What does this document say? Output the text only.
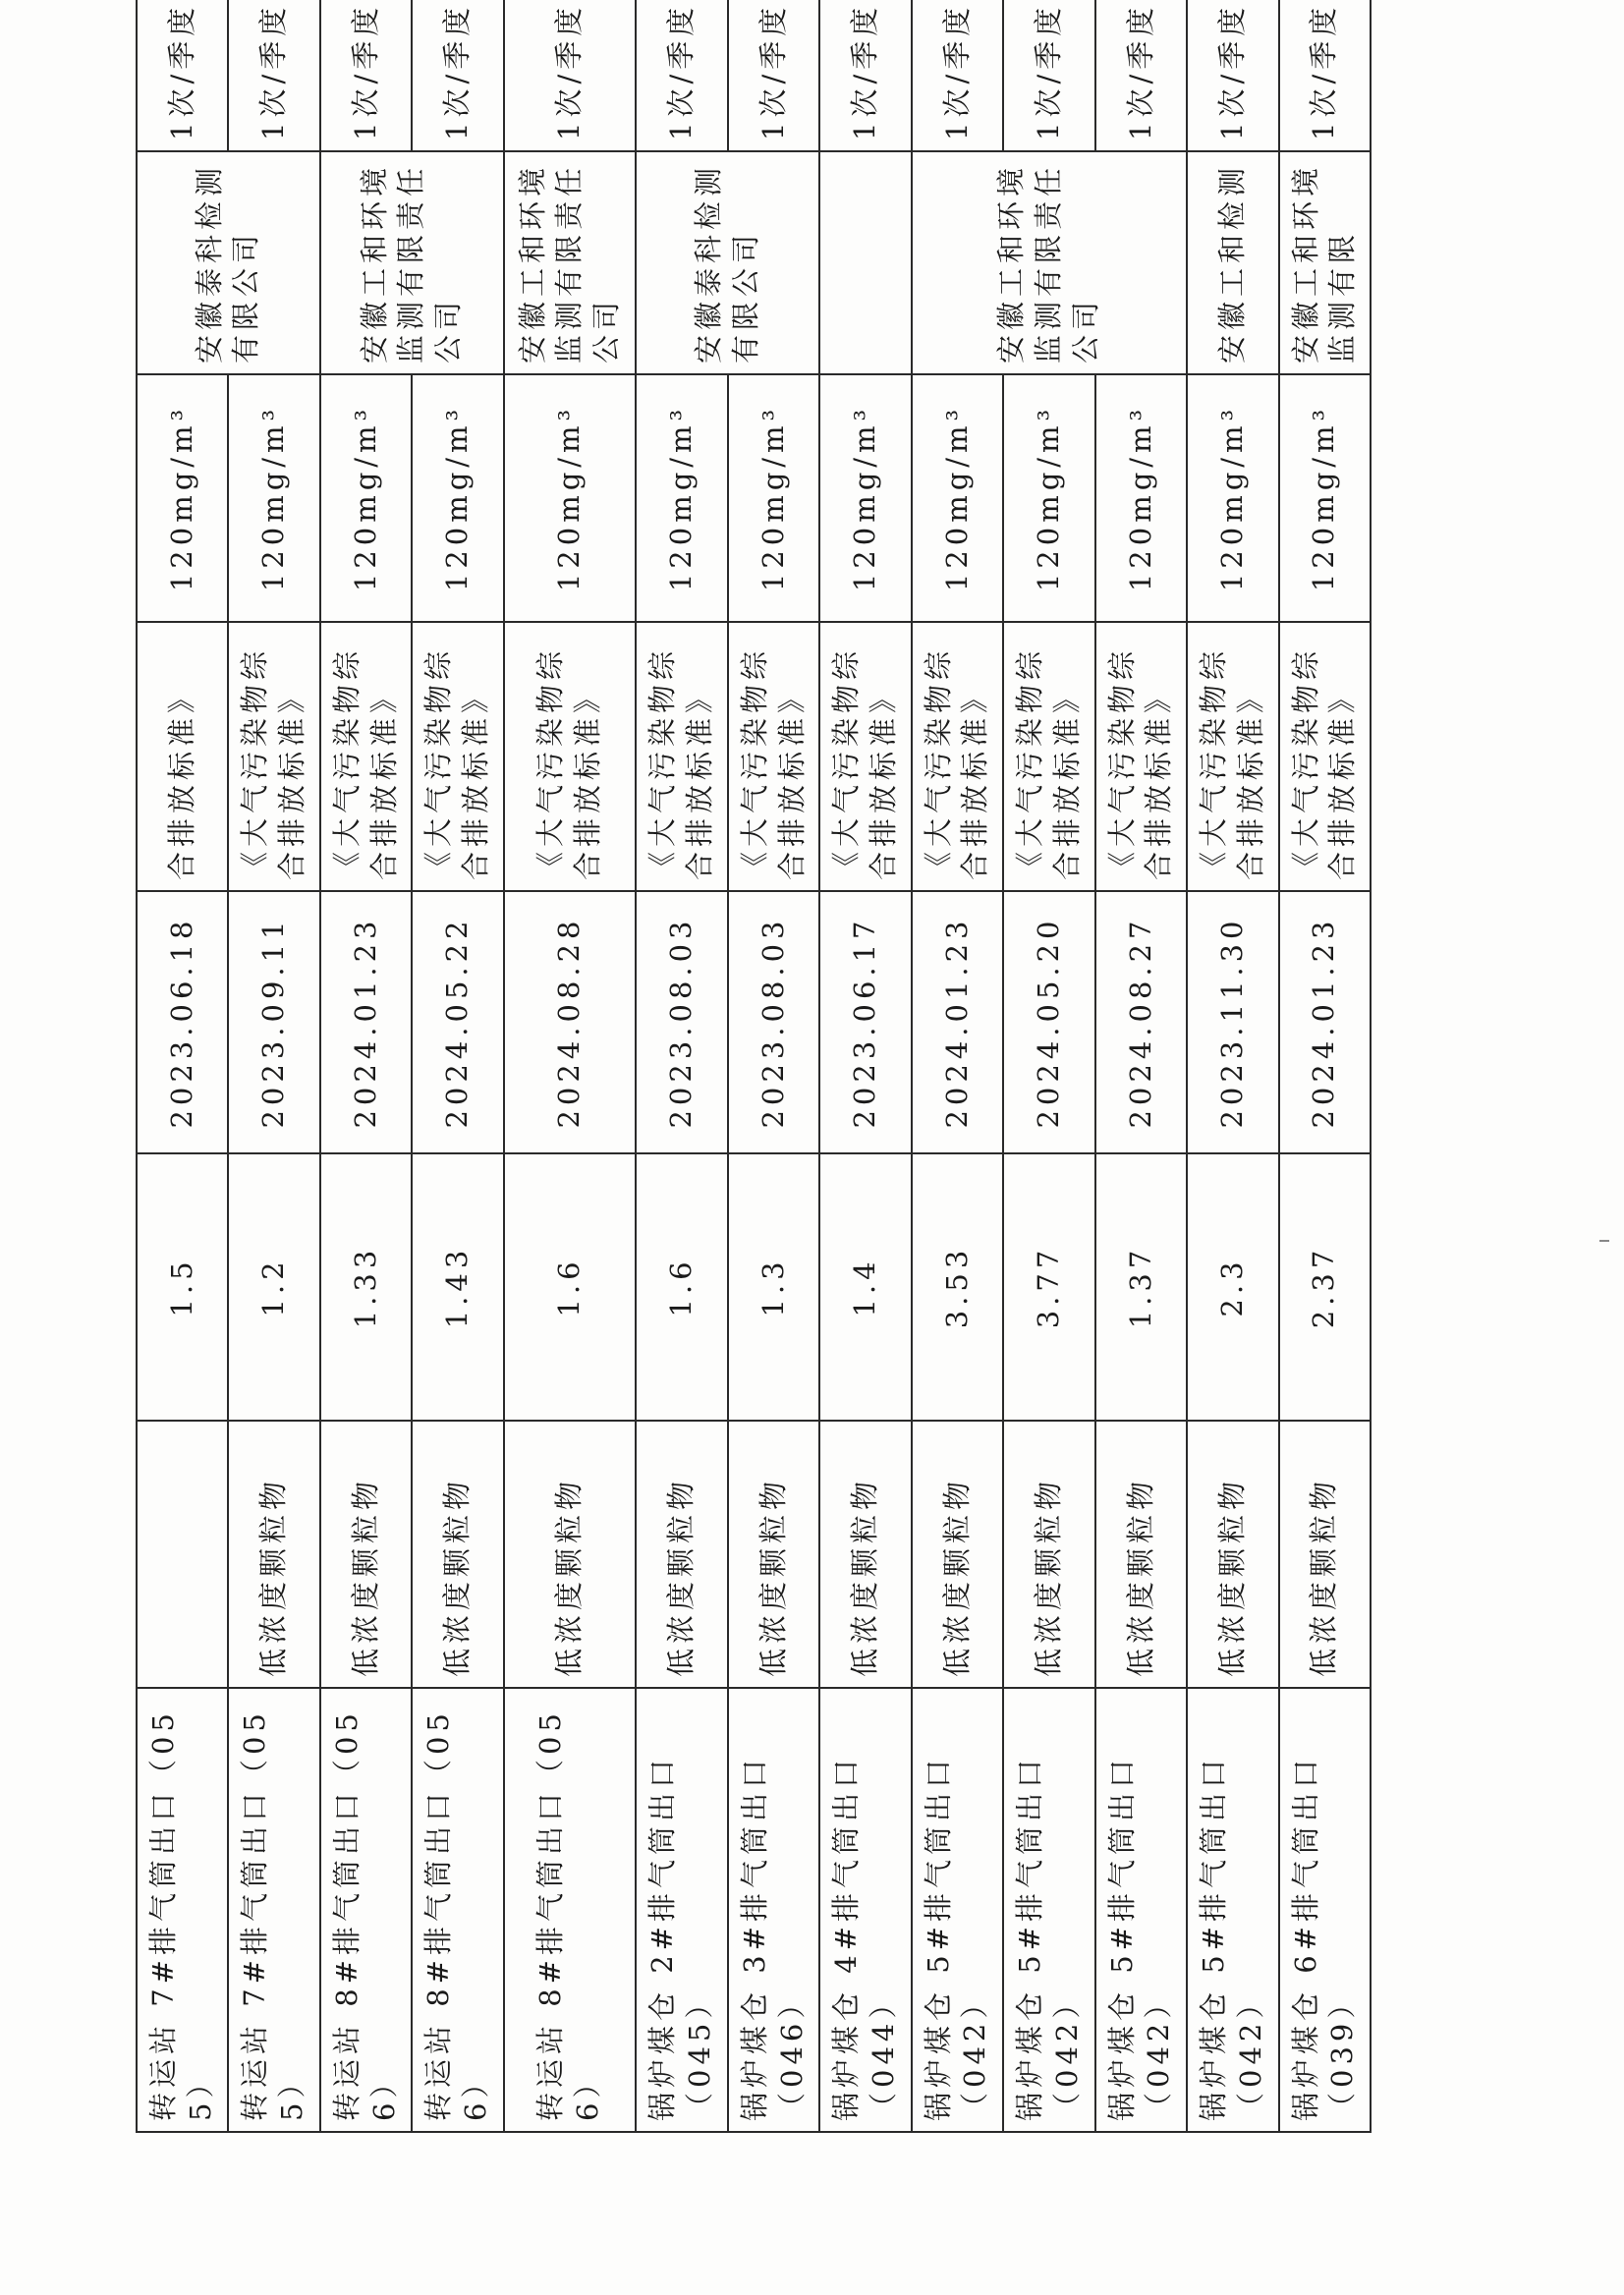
转运站 7#排气筒出口（055）		1.5	2023.06.18	合排放标准》	120mg/m³	安徽泰科检测有限公司	1次/季度
转运站 7#排气筒出口（055）	低浓度颗粒物	1.2	2023.09.11	《大气污染物综合排放标准》	120mg/m³		1次/季度
转运站 8#排气筒出口（056）	低浓度颗粒物	1.33	2024.01.23	《大气污染物综合排放标准》	120mg/m³	安徽工和环境监测有限责任公司	1次/季度
转运站 8#排气筒出口（056）	低浓度颗粒物	1.43	2024.05.22	《大气污染物综合排放标准》	120mg/m³		1次/季度
转运站 8#排气筒出口（056）	低浓度颗粒物	1.6	2024.08.28	《大气污染物综合排放标准》	120mg/m³	安徽工和环境监测有限责任公司	1次/季度
锅炉煤仓 2#排气筒出口（045）	低浓度颗粒物	1.6	2023.08.03	《大气污染物综合排放标准》	120mg/m³	安徽泰科检测有限公司	1次/季度
锅炉煤仓 3#排气筒出口（046）	低浓度颗粒物	1.3	2023.08.03	《大气污染物综合排放标准》	120mg/m³		1次/季度
锅炉煤仓 4#排气筒出口（044）	低浓度颗粒物	1.4	2023.06.17	《大气污染物综合排放标准》	120mg/m³		1次/季度
锅炉煤仓 5#排气筒出口（042）	低浓度颗粒物	3.53	2024.01.23	《大气污染物综合排放标准》	120mg/m³	安徽工和环境监测有限责任公司	1次/季度
锅炉煤仓 5#排气筒出口（042）	低浓度颗粒物	3.77	2024.05.20	《大气污染物综合排放标准》	120mg/m³		1次/季度
锅炉煤仓 5#排气筒出口（042）	低浓度颗粒物	1.37	2024.08.27	《大气污染物综合排放标准》	120mg/m³		1次/季度
锅炉煤仓 5#排气筒出口（042）	低浓度颗粒物	2.3	2023.11.30	《大气污染物综合排放标准》	120mg/m³	安徽工和检测	1次/季度
锅炉煤仓 6#排气筒出口（039）	低浓度颗粒物	2.37	2024.01.23	《大气污染物综合排放标准》	120mg/m³	安徽工和环境监测有限	1次/季度
